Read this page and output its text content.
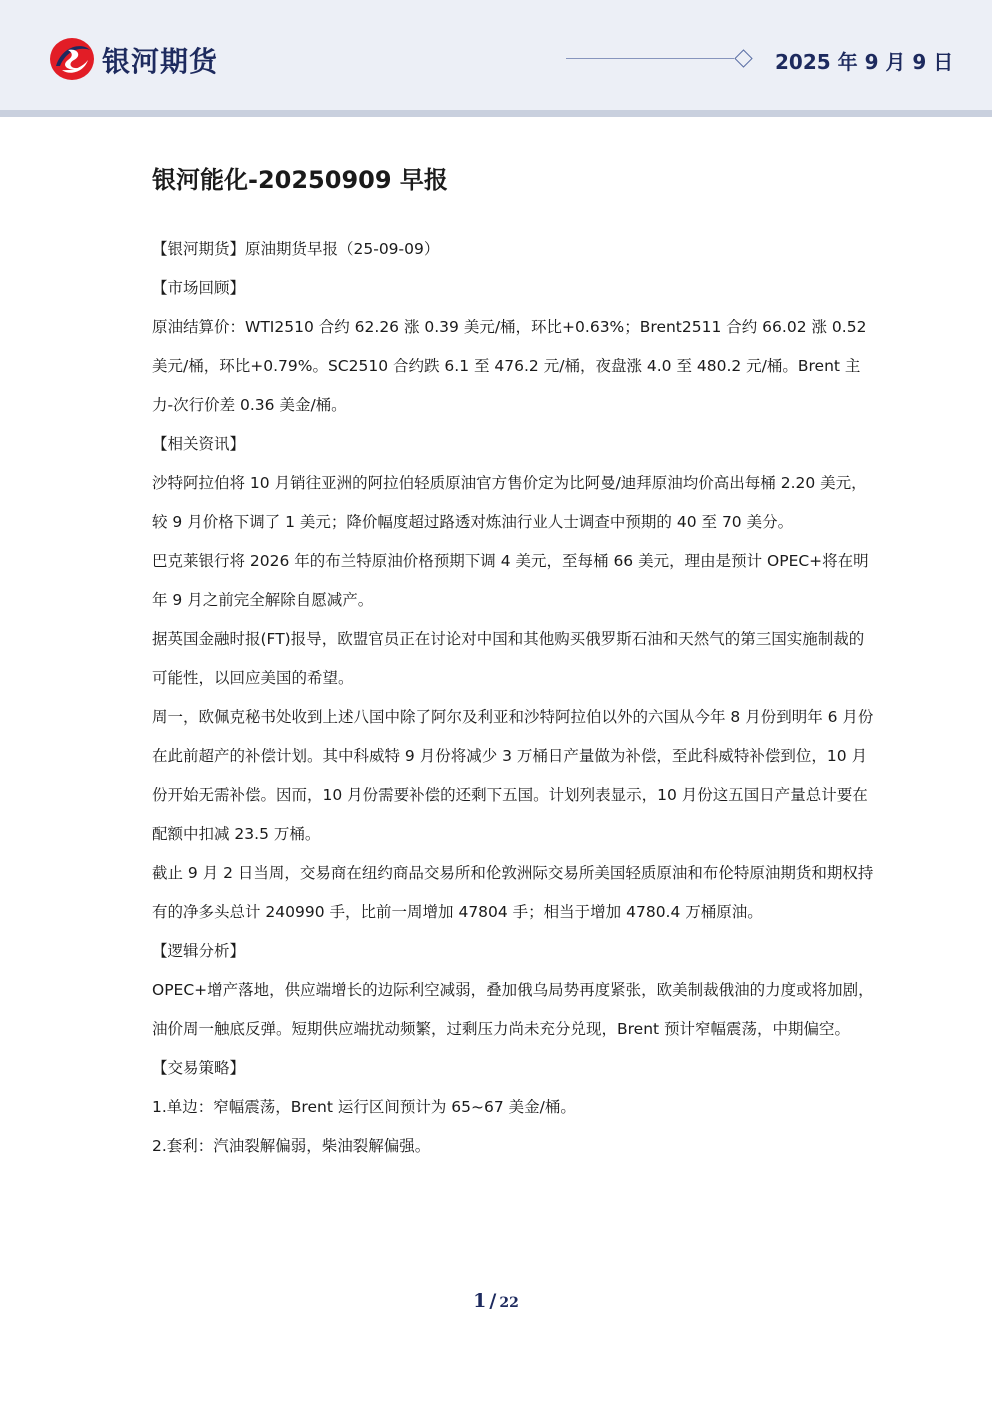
银河期货	2025 年 9 月 9 日
银河能化-20250909 早报

【银河期货】原油期货早报（25-09-09）

【市场回顾】

原油结算价：WTI2510 合约 62.26 涨 0.39 美元/桶，环比+0.63%；Brent2511 合约 66.02 涨 0.52 美元/桶，环比+0.79%。SC2510 合约跌 6.1 至 476.2 元/桶，夜盘涨 4.0 至 480.2 元/桶。Brent 主力-次行价差 0.36 美金/桶。

【相关资讯】

沙特阿拉伯将 10 月销往亚洲的阿拉伯轻质原油官方售价定为比阿曼/迪拜原油均价高出每桶 2.20 美元，较 9 月价格下调了 1 美元；降价幅度超过路透对炼油行业人士调查中预期的 40 至 70 美分。

巴克莱银行将 2026 年的布兰特原油价格预期下调 4 美元，至每桶 66 美元，理由是预计 OPEC+将在明年 9 月之前完全解除自愿减产。

据英国金融时报(FT)报导，欧盟官员正在讨论对中国和其他购买俄罗斯石油和天然气的第三国实施制裁的可能性，以回应美国的希望。

周一，欧佩克秘书处收到上述八国中除了阿尔及利亚和沙特阿拉伯以外的六国从今年 8 月份到明年 6 月份在此前超产的补偿计划。其中科威特 9 月份将减少 3 万桶日产量做为补偿，至此科威特补偿到位，10 月份开始无需补偿。因而，10 月份需要补偿的还剩下五国。计划列表显示，10 月份这五国日产量总计要在配额中扣减 23.5 万桶。

截止 9 月 2 日当周，交易商在纽约商品交易所和伦敦洲际交易所美国轻质原油和布伦特原油期货和期权持有的净多头总计 240990 手，比前一周增加 47804 手；相当于增加 4780.4 万桶原油。

【逻辑分析】

OPEC+增产落地，供应端增长的边际利空减弱，叠加俄乌局势再度紧张，欧美制裁俄油的力度或将加剧，油价周一触底反弹。短期供应端扰动频繁，过剩压力尚未充分兑现，Brent 预计窄幅震荡，中期偏空。

【交易策略】

1.单边：窄幅震荡，Brent 运行区间预计为 65~67 美金/桶。

2.套利：汽油裂解偏弱，柴油裂解偏强。

1 / 22
